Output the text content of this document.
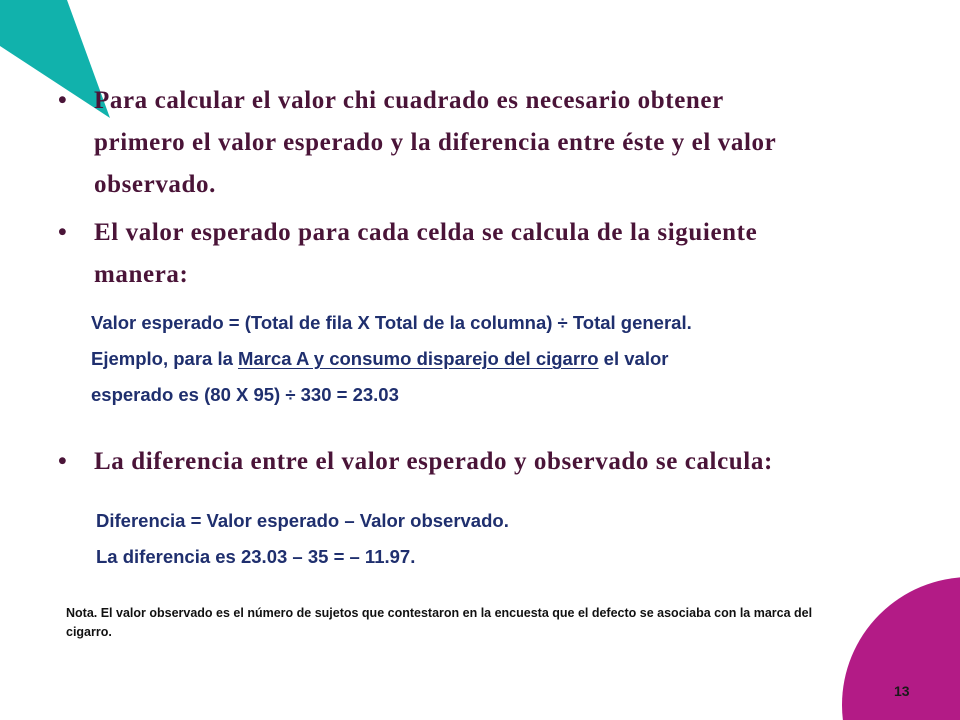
•	Para calcular el valor chi cuadrado es necesario obtener
primero el valor esperado y la diferencia entre éste y el valor
observado.
•	El valor esperado para cada celda se calcula de la siguiente
manera:
Valor esperado = (Total de fila X Total de la columna) ÷ Total general.
Ejemplo, para la Marca A y consumo disparejo del cigarro el valor
esperado es (80 X 95) ÷ 330 = 23.03
•	La diferencia entre el valor esperado y observado se calcula:
Diferencia = Valor esperado – Valor observado.
La diferencia es 23.03 – 35 = – 11.97.
Nota. El valor observado es el número de sujetos que contestaron en la encuesta que el defecto se asociaba con la marca del cigarro.
13
